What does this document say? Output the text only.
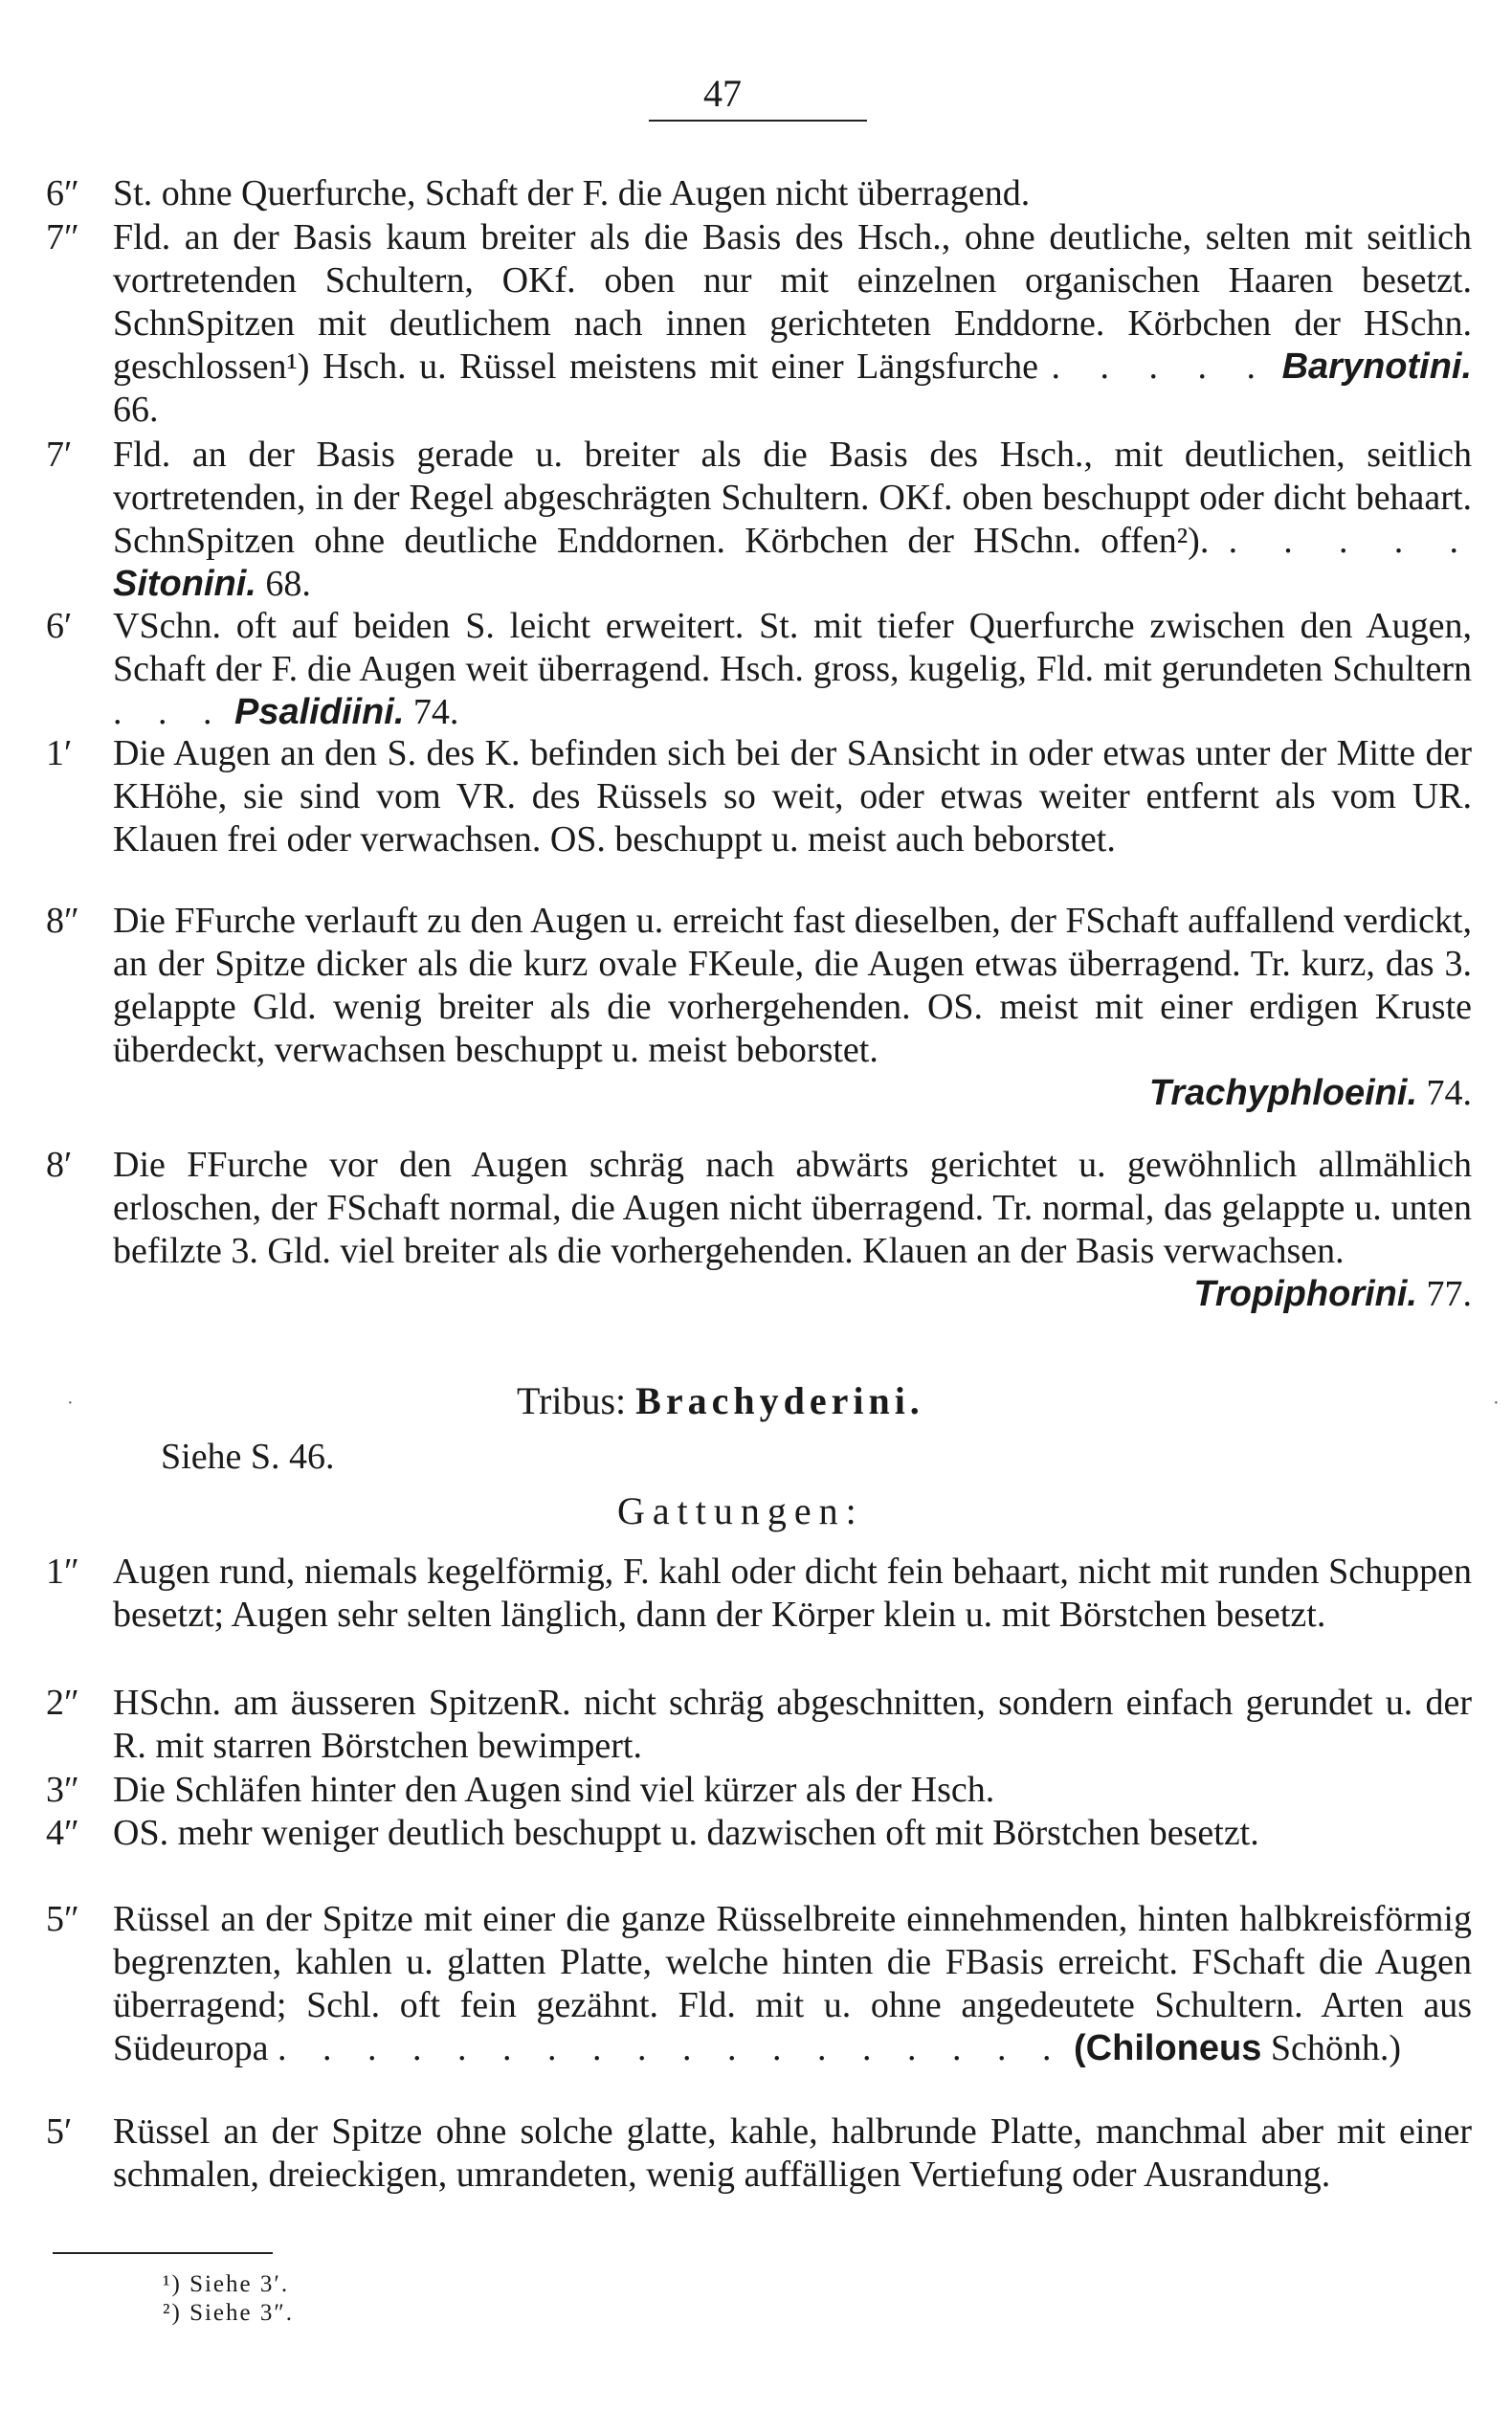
47
6″ St. ohne Querfurche, Schaft der F. die Augen nicht überragend.
7″ Fld. an der Basis kaum breiter als die Basis des Hsch., ohne deutliche, selten mit seitlich vortretenden Schultern, OKf. oben nur mit einzelnen organischen Haaren besetzt. SchnSpitzen mit deutlichem nach innen gerichteten Enddorne. Körbchen der HSchn. geschlossen¹) Hsch. u. Rüssel meistens mit einer Längsfurche . . . . . Barynotini. 66.
7′	Fld. an der Basis gerade u. breiter als die Basis des Hsch., mit deutlichen, seitlich vortretenden, in der Regel abgeschrägten Schultern. OKf. oben beschuppt oder dicht behaart. SchnSpitzen ohne deutliche Enddornen. Körbchen der HSchn. offen²). . . . . . Sitonini. 68.
6′	VSchn. oft auf beiden S. leicht erweitert. St. mit tiefer Querfurche zwischen den Augen, Schaft der F. die Augen weit überragend. Hsch. gross, kugelig, Fld. mit gerundeten Schultern . . . Psalidiini. 74.
1′	Die Augen an den S. des K. befinden sich bei der SAnsicht in oder etwas unter der Mitte der KHöhe, sie sind vom VR. des Rüssels so weit, oder etwas weiter entfernt als vom UR. Klauen frei oder verwachsen. OS. beschuppt u. meist auch beborstet.
8″ Die FFurche verlauft zu den Augen u. erreicht fast dieselben, der FSchaft auffallend verdickt, an der Spitze dicker als die kurz ovale FKeule, die Augen etwas überragend. Tr. kurz, das 3. gelappte Gld. wenig breiter als die vorhergehenden. OS. meist mit einer erdigen Kruste überdeckt, verwachsen beschuppt u. meist beborstet.
Trachyphloeini. 74.
8′	Die FFurche vor den Augen schräg nach abwärts gerichtet u. gewöhnlich allmählich erloschen, der FSchaft normal, die Augen nicht überragend. Tr. normal, das gelappte u. unten befilzte 3. Gld. viel breiter als die vorhergehenden. Klauen an der Basis verwachsen.
Tropiphorini. 77.
·	·
Tribus: Brachyderini.
Siehe S. 46.
Gattungen:
1″ Augen rund, niemals kegelförmig, F. kahl oder dicht fein behaart, nicht mit runden Schuppen besetzt; Augen sehr selten länglich, dann der Körper klein u. mit Börstchen besetzt.
2″ HSchn. am äusseren SpitzenR. nicht schräg abgeschnitten, sondern einfach gerundet u. der R. mit starren Börstchen bewimpert.
3″ Die Schläfen hinter den Augen sind viel kürzer als der Hsch.
4″ OS. mehr weniger deutlich beschuppt u. dazwischen oft mit Börstchen besetzt.
5″ Rüssel an der Spitze mit einer die ganze Rüsselbreite einnehmenden, hinten halbkreisförmig begrenzten, kahlen u. glatten Platte, welche hinten die FBasis erreicht. FSchaft die Augen überragend; Schl. oft fein gezähnt. Fld. mit u. ohne angedeutete Schultern. Arten aus Südeuropa . . . . . . . . . . . . . . . . . . (Chiloneus Schönh.)
5′	Rüssel an der Spitze ohne solche glatte, kahle, halbrunde Platte, manchmal aber mit einer schmalen, dreieckigen, umrandeten, wenig auffälligen Vertiefung oder Ausrandung.
¹) Siehe 3′.
²) Siehe 3″.
